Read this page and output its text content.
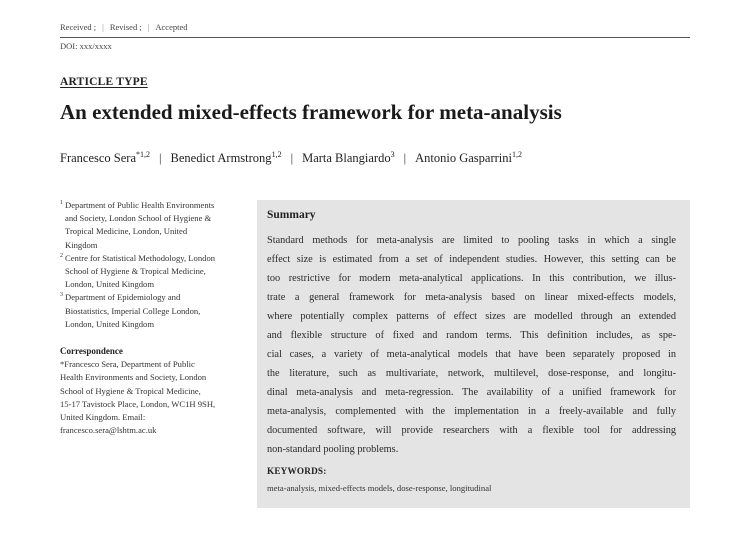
Received ; | Revised ; | Accepted
DOI: xxx/xxxx
ARTICLE TYPE
An extended mixed-effects framework for meta-analysis
Francesco Sera$^{*1,2}$ | Benedict Armstrong$^{1,2}$ | Marta Blangiardo$^3$ | Antonio Gasparrini$^{1,2}$
1 Department of Public Health Environments
and Society, London School of Hygiene &
Tropical Medicine, London, United
Kingdom
2 Centre for Statistical Methodology, London
School of Hygiene & Tropical Medicine,
London, United Kingdom
3 Department of Epidemiology and
Biostatistics, Imperial College London,
London, United Kingdom
Correspondence
*Francesco Sera, Department of Public
Health Environments and Society, London
School of Hygiene & Tropical Medicine,
15-17 Tavistock Place, London, WC1H 9SH,
United Kingdom. Email:
francesco.sera@lshtm.ac.uk
Summary
Standard methods for meta-analysis are limited to pooling tasks in which a single
effect size is estimated from a set of independent studies. However, this setting can be
too restrictive for modern meta-analytical applications. In this contribution, we illus-
trate a general framework for meta-analysis based on linear mixed-effects models,
where potentially complex patterns of effect sizes are modelled through an extended
and flexible structure of fixed and random terms. This definition includes, as spe-
cial cases, a variety of meta-analytical models that have been separately proposed in
the literature, such as multivariate, network, multilevel, dose-response, and longitu-
dinal meta-analysis and meta-regression. The availability of a unified framework for
meta-analysis, complemented with the implementation in a freely-available and fully
documented software, will provide researchers with a flexible tool for addressing
non-standard pooling problems.
KEYWORDS:
meta-analysis, mixed-effects models, dose-response, longitudinal
